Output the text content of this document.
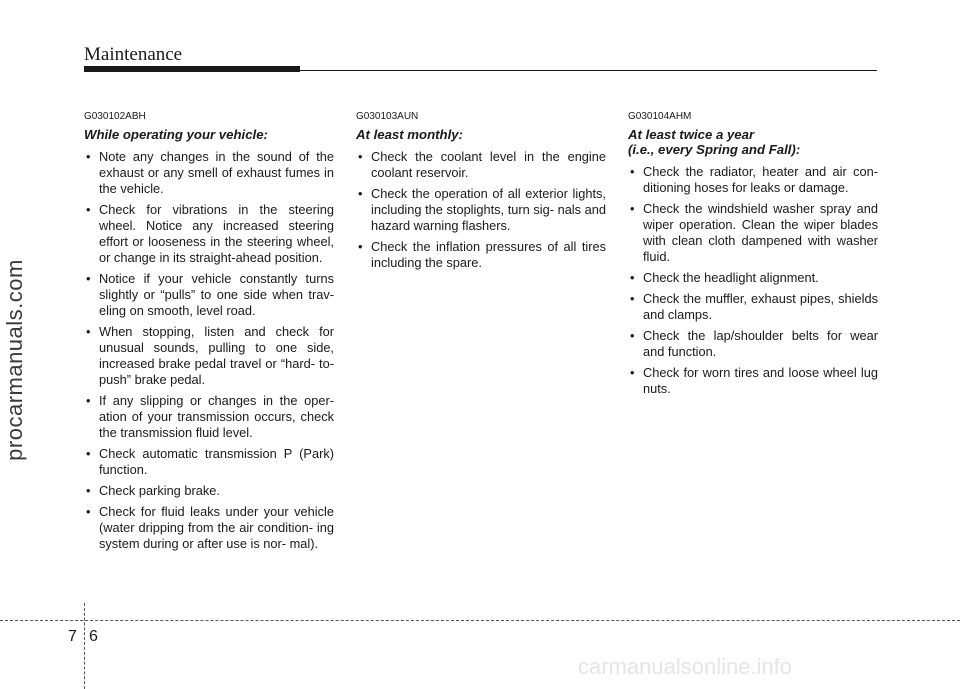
Maintenance
G030102ABH
While operating your vehicle:
• Note any changes in the sound of the exhaust or any smell of exhaust fumes in the vehicle.
• Check for vibrations in the steering wheel. Notice any increased steering effort or looseness in the steering wheel, or change in its straight-ahead position.
• Notice if your vehicle constantly turns slightly or “pulls” to one side when trav- eling on smooth, level road.
• When stopping, listen and check for unusual sounds, pulling to one side, increased brake pedal travel or “hard- to-push” brake pedal.
• If any slipping or changes in the oper- ation of your transmission occurs, check the transmission fluid level.
• Check automatic transmission P (Park) function.
• Check parking brake.
• Check for fluid leaks under your vehicle (water dripping from the air condition- ing system during or after use is nor- mal).
G030103AUN
At least monthly:
• Check the coolant level in the engine coolant reservoir.
• Check the operation of all exterior lights, including the stoplights, turn sig- nals and hazard warning flashers.
• Check the inflation pressures of all tires including the spare.
G030104AHM
At least twice a year
(i.e., every Spring and Fall):
• Check the radiator, heater and air con- ditioning hoses for leaks or damage.
• Check the windshield washer spray and wiper operation. Clean the wiper blades with clean cloth dampened with washer fluid.
• Check the headlight alignment.
• Check the muffler, exhaust pipes, shields and clamps.
• Check the lap/shoulder belts for wear and function.
• Check for worn tires and loose wheel lug nuts.
7 6
procarmanuals.com
carmanualsonline.info
